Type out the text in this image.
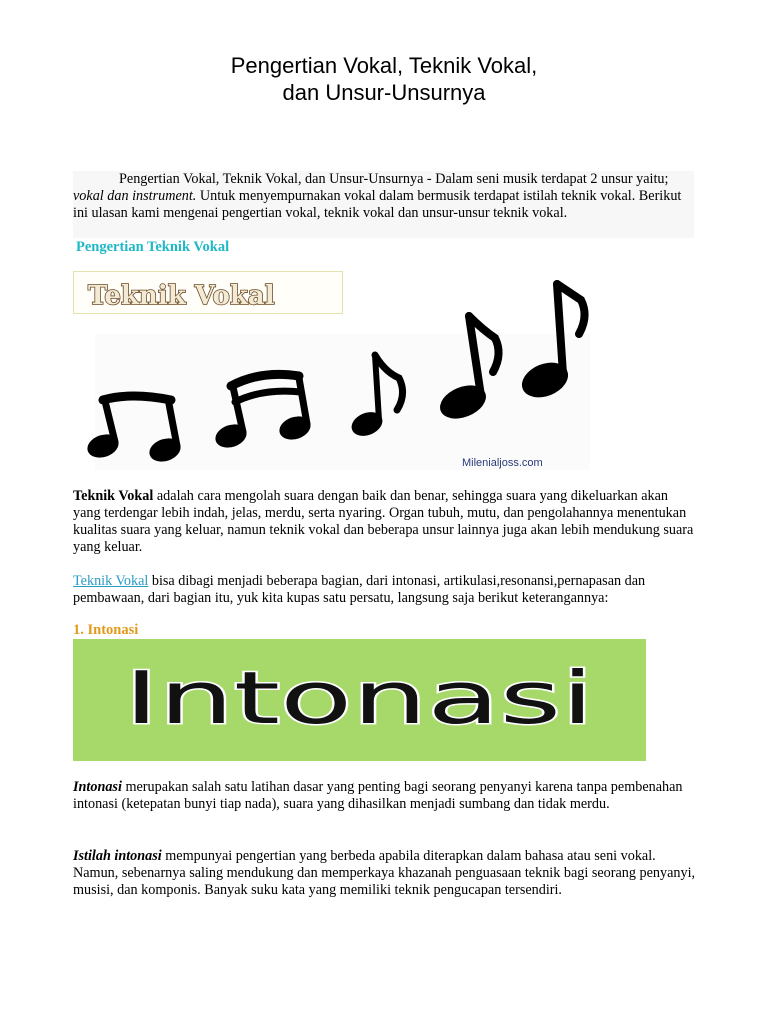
Pengertian Vokal, Teknik Vokal,
dan Unsur-Unsurnya
Pengertian Vokal, Teknik Vokal, dan Unsur-Unsurnya - Dalam seni musik terdapat 2 unsur yaitu; vokal dan instrument. Untuk menyempurnakan vokal dalam bermusik terdapat istilah teknik vokal. Berikut ini ulasan kami mengenai pengertian vokal, teknik vokal dan unsur-unsur teknik vokal.
Pengertian Teknik Vokal
Milenialjoss.com
Teknik Vokal
Teknik Vokal adalah cara mengolah suara dengan baik dan benar, sehingga suara yang dikeluarkan akan yang terdengar lebih indah, jelas, merdu, serta nyaring. Organ tubuh, mutu, dan pengolahannya menentukan kualitas suara yang keluar, namun teknik vokal dan beberapa unsur lainnya juga akan lebih mendukung suara yang keluar.
Teknik Vokal bisa dibagi menjadi beberapa bagian, dari intonasi, artikulasi,resonansi,pernapasan dan pembawaan, dari bagian itu, yuk kita kupas satu persatu, langsung saja berikut keterangannya:
1. Intonasi
Intonasi
Intonasi merupakan salah satu latihan dasar yang penting bagi seorang penyanyi karena tanpa pembenahan intonasi (ketepatan bunyi tiap nada), suara yang dihasilkan menjadi sumbang dan tidak merdu.
Istilah intonasi mempunyai pengertian yang berbeda apabila diterapkan dalam bahasa atau seni vokal. Namun, sebenarnya saling mendukung dan memperkaya khazanah penguasaan teknik bagi seorang penyanyi, musisi, dan komponis. Banyak suku kata yang memiliki teknik pengucapan tersendiri.
